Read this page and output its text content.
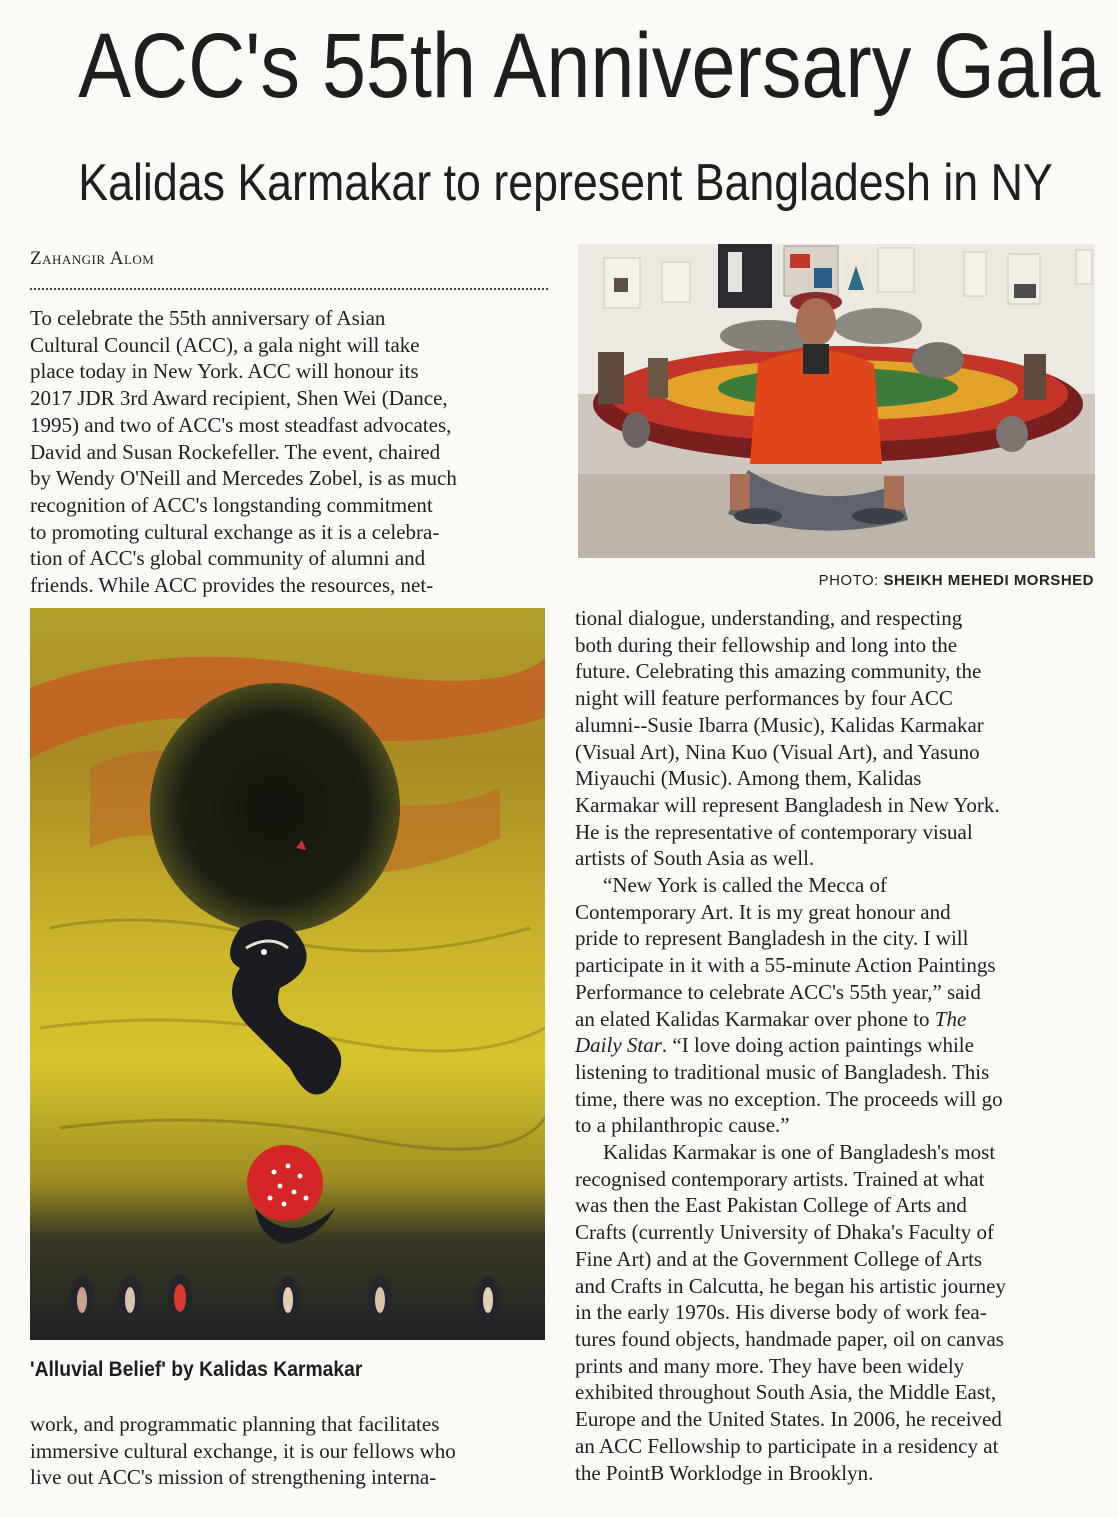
ACC's 55th Anniversary Gala
Kalidas Karmakar to represent Bangladesh in NY
Zahangir Alom

To celebrate the 55th anniversary of Asian

Cultural Council (ACC), a gala night will take

place today in New York. ACC will honour its

2017 JDR 3rd Award recipient, Shen Wei (Dance,

1995) and two of ACC's most steadfast advocates,

David and Susan Rockefeller. The event, chaired

by Wendy O'Neill and Mercedes Zobel, is as much

recognition of ACC's longstanding commitment

to promoting cultural exchange as it is a celebra-

tion of ACC's global community of alumni and

friends. While ACC provides the resources, net-	PHOTO: SHEIKH MEHEDI MORSHED
'Alluvial Belief' by Kalidas Karmakar

work, and programmatic planning that facilitates

immersive cultural exchange, it is our fellows who

live out ACC's mission of strengthening interna-

tional dialogue, understanding, and respecting

both during their fellowship and long into the

future. Celebrating this amazing community, the

night will feature performances by four ACC

alumni--Susie Ibarra (Music), Kalidas Karmakar

(Visual Art), Nina Kuo (Visual Art), and Yasuno

Miyauchi (Music). Among them, Kalidas

Karmakar will represent Bangladesh in New York.

He is the representative of contemporary visual

artists of South Asia as well.

“New York is called the Mecca of

Contemporary Art. It is my great honour and

pride to represent Bangladesh in the city. I will

participate in it with a 55-minute Action Paintings

Performance to celebrate ACC's 55th year,” said

an elated Kalidas Karmakar over phone to The

Daily Star. “I love doing action paintings while

listening to traditional music of Bangladesh. This

time, there was no exception. The proceeds will go

to a philanthropic cause.”

Kalidas Karmakar is one of Bangladesh's most

recognised contemporary artists. Trained at what

was then the East Pakistan College of Arts and

Crafts (currently University of Dhaka's Faculty of

Fine Art) and at the Government College of Arts

and Crafts in Calcutta, he began his artistic journey

in the early 1970s. His diverse body of work fea-

tures found objects, handmade paper, oil on canvas

prints and many more. They have been widely

exhibited throughout South Asia, the Middle East,

Europe and the United States. In 2006, he received

an ACC Fellowship to participate in a residency at

the PointB Worklodge in Brooklyn.
